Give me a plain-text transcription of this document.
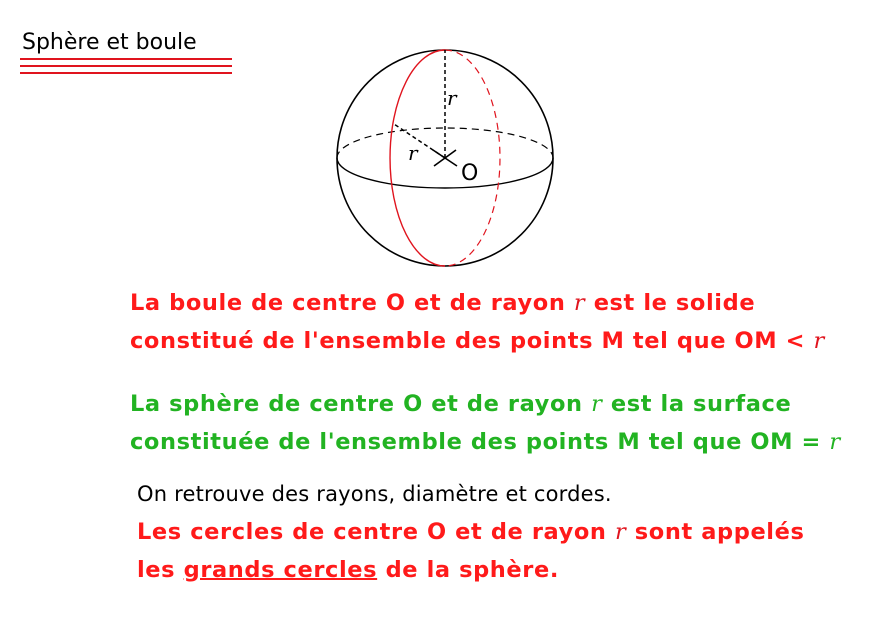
Sphère et boule
r
r
O
La boule de centre O et de rayon r est le solide
constitué de l'ensemble des points M tel que OM < r
La sphère de centre O et de rayon r est la surface
constituée de l'ensemble des points M tel que OM = r
On retrouve des rayons, diamètre et cordes.
Les cercles de centre O et de rayon r sont appelés
les grands cercles de la sphère.
